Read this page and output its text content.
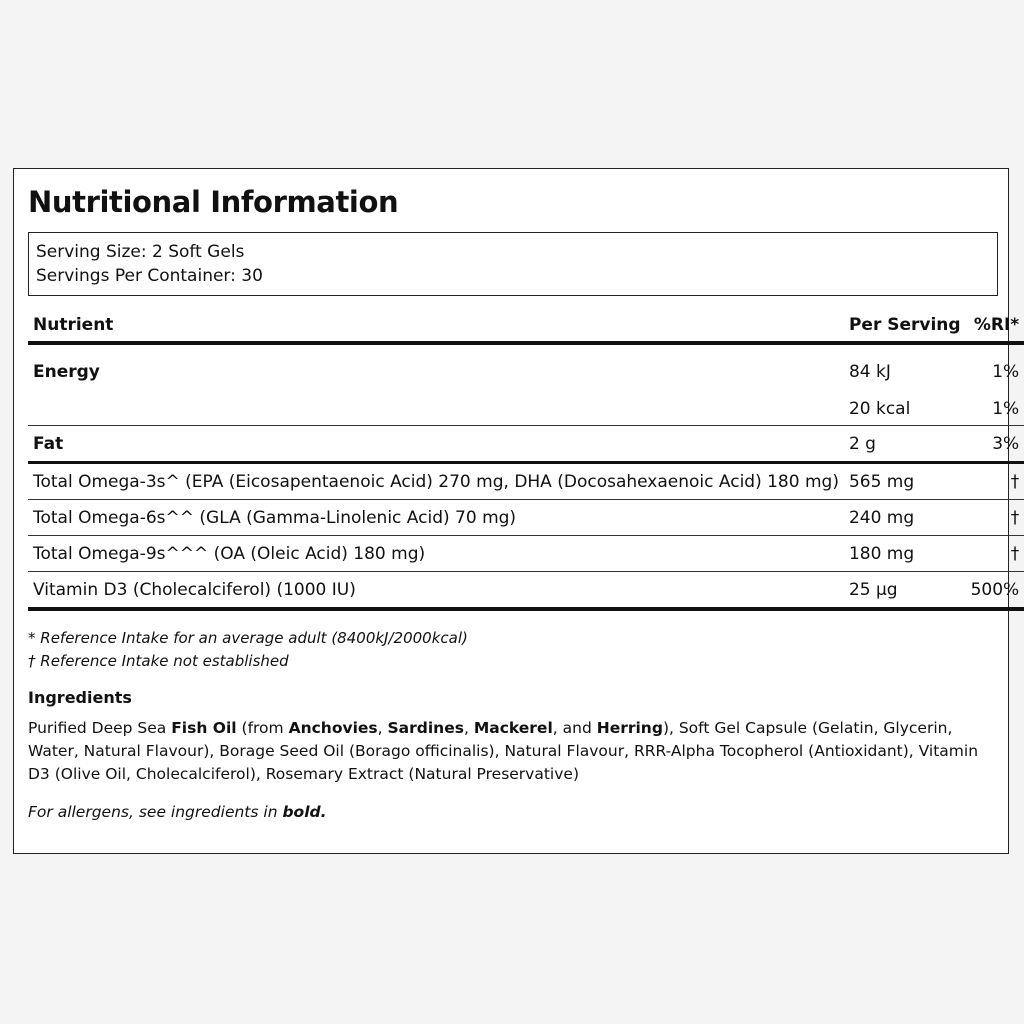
Nutritional Information
Serving Size: 2 Soft Gels
Servings Per Container: 30
Nutrient	Per Serving	%RI*
Energy	84 kJ	1%
	20 kcal	1%
Fat	2 g	3%
Total Omega-3s^ (EPA (Eicosapentaenoic Acid) 270 mg, DHA (Docosahexaenoic Acid) 180 mg)	565 mg	†
Total Omega-6s^^ (GLA (Gamma-Linolenic Acid) 70 mg)	240 mg	†
Total Omega-9s^^^ (OA (Oleic Acid) 180 mg)	180 mg	†
Vitamin D3 (Cholecalciferol) (1000 IU)	25 µg	500%
* Reference Intake for an average adult (8400kJ/2000kcal)
† Reference Intake not established
Ingredients

Purified Deep Sea Fish Oil (from Anchovies, Sardines, Mackerel, and Herring), Soft Gel Capsule (Gelatin, Glycerin, Water, Natural Flavour), Borage Seed Oil (Borago officinalis), Natural Flavour, RRR-Alpha Tocopherol (Antioxidant), Vitamin D3 (Olive Oil, Cholecalciferol), Rosemary Extract (Natural Preservative)

For allergens, see ingredients in bold.
